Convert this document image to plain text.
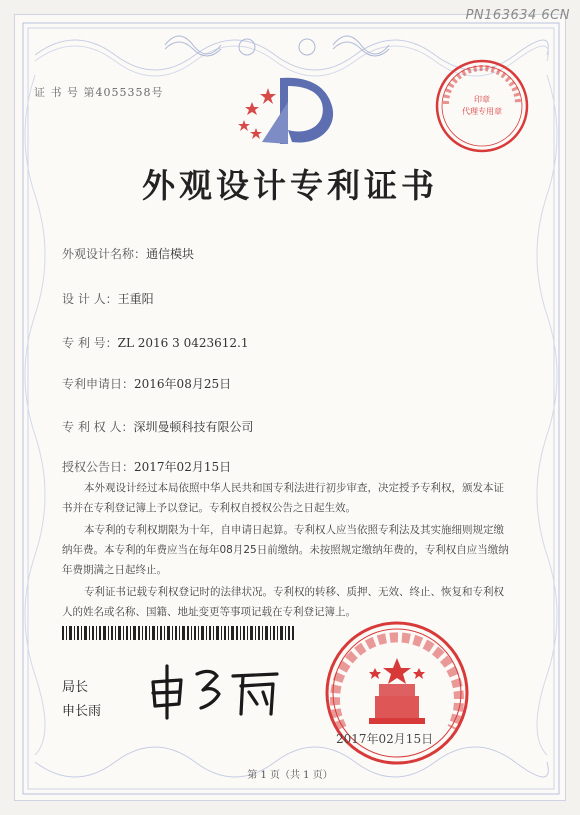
PN163634 6CN
证 书 号 第4055358号
印章
代理专用章
外观设计专利证书
外观设计名称：通信模块
设 计 人：王重阳
专 利 号：ZL 2016 3 0423612.1
专利申请日：2016年08月25日
专 利 权 人：深圳曼顿科技有限公司
授权公告日：2017年02月15日

本外观设计经过本局依照中华人民共和国专利法进行初步审查，决定授予专利权，颁发本证书并在专利登记簿上予以登记。专利权自授权公告之日起生效。

本专利的专利权期限为十年，自申请日起算。专利权人应当依照专利法及其实施细则规定缴纳年费。本专利的年费应当在每年08月25日前缴纳。未按照规定缴纳年费的，专利权自应当缴纳年费期满之日起终止。

专利证书记载专利权登记时的法律状况。专利权的转移、质押、无效、终止、恢复和专利权人的姓名或名称、国籍、地址变更等事项记载在专利登记簿上。

局长
申长雨
2017年02月15日
第 1 页（共 1 页）
